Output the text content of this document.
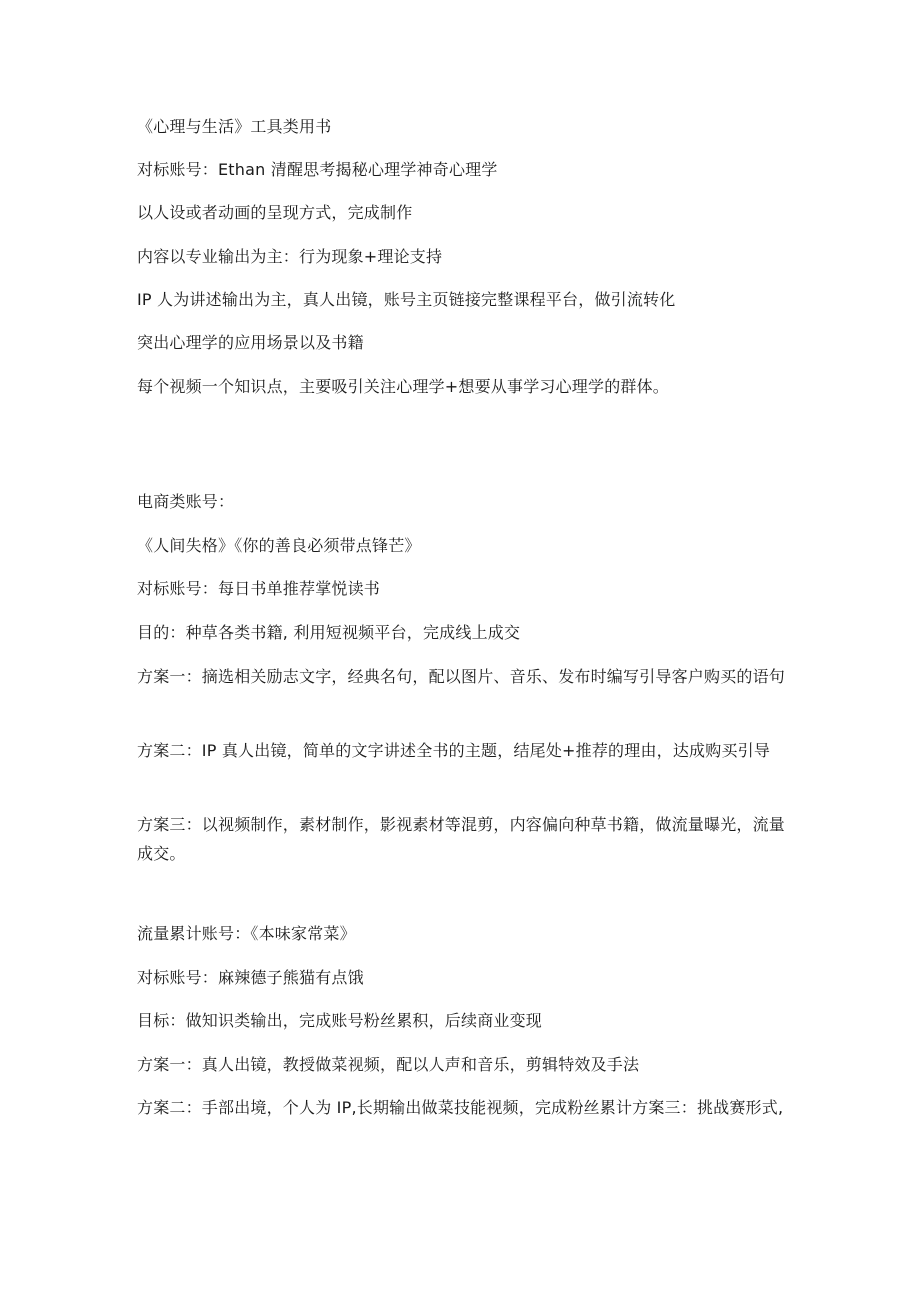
《心理与生活》工具类用书
对标账号：Ethan 清醒思考揭秘心理学神奇心理学
以人设或者动画的呈现方式，完成制作
内容以专业输出为主：行为现象+理论支持
IP 人为讲述输出为主，真人出镜，账号主页链接完整课程平台，做引流转化
突出心理学的应用场景以及书籍
每个视频一个知识点，主要吸引关注心理学+想要从事学习心理学的群体。
电商类账号：
《人间失格》《你的善良必须带点锋芒》
对标账号：每日书单推荐掌悦读书
目的：种草各类书籍, 利用短视频平台，完成线上成交
方案一：摘选相关励志文字，经典名句，配以图片、音乐、发布时编写引导客户购买的语句
方案二：IP 真人出镜，简单的文字讲述全书的主题，结尾处+推荐的理由，达成购买引导
方案三：以视频制作，素材制作，影视素材等混剪，内容偏向种草书籍，做流量曝光，流量成交。
流量累计账号：《本味家常菜》
对标账号：麻辣德子熊猫有点饿
目标：做知识类输出，完成账号粉丝累积，后续商业变现
方案一：真人出镜，教授做菜视频，配以人声和音乐，剪辑特效及手法
方案二：手部出境，个人为 IP,长期输出做菜技能视频，完成粉丝累计方案三：挑战赛形式,
